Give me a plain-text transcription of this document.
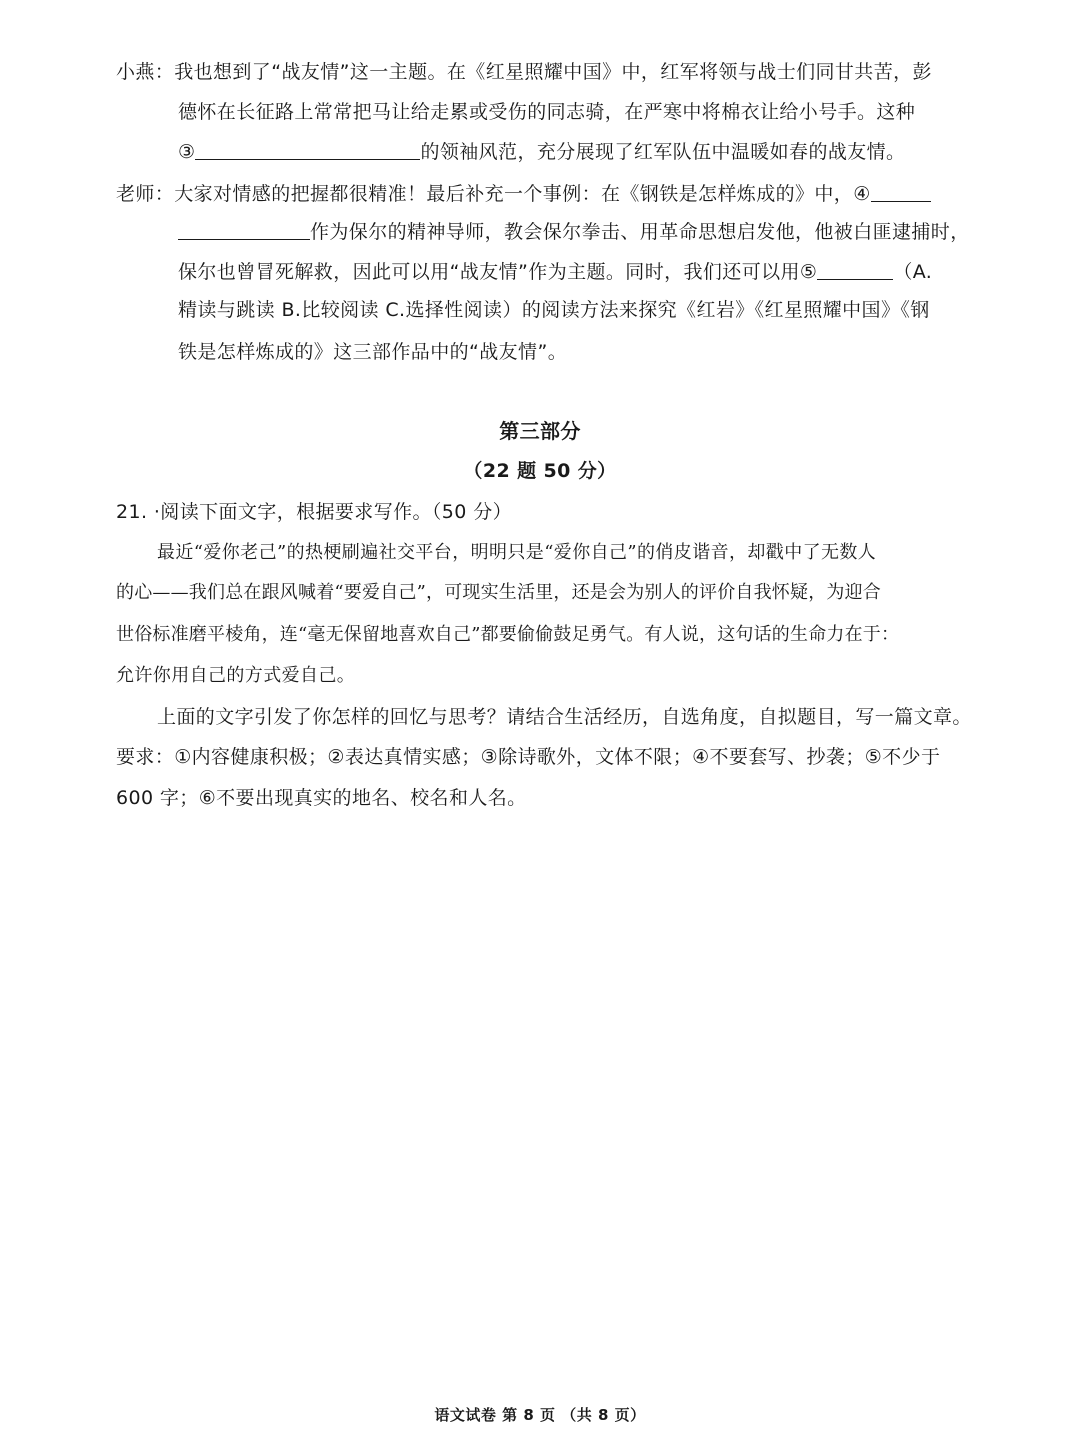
小燕：我也想到了“战友情”这一主题。在《红星照耀中国》中，红军将领与战士们同甘共苦，彭
德怀在长征路上常常把马让给走累或受伤的同志骑，在严寒中将棉衣让给小号手。这种
③	的领袖风范，充分展现了红军队伍中温暖如春的战友情。
老师：大家对情感的把握都很精准！最后补充一个事例：在《钢铁是怎样炼成的》中，④
作为保尔的精神导师，教会保尔拳击、用革命思想启发他，他被白匪逮捕时，
保尔也曾冒死解救，因此可以用“战友情”作为主题。同时，我们还可以用⑤	（A.
精读与跳读 B.比较阅读 C.选择性阅读）的阅读方法来探究《红岩》《红星照耀中国》《钢
铁是怎样炼成的》这三部作品中的“战友情”。
第三部分
（22 题 50 分）
21. ·阅读下面文字，根据要求写作。（50 分）
最近“爱你老己”的热梗刷遍社交平台，明明只是“爱你自己”的俏皮谐音，却戳中了无数人
的心——我们总在跟风喊着“要爱自己”，可现实生活里，还是会为别人的评价自我怀疑，为迎合
世俗标准磨平棱角，连“毫无保留地喜欢自己”都要偷偷鼓足勇气。有人说，这句话的生命力在于：
允许你用自己的方式爱自己。
上面的文字引发了你怎样的回忆与思考？请结合生活经历，自选角度，自拟题目，写一篇文章。
要求：①内容健康积极；②表达真情实感；③除诗歌外，文体不限；④不要套写、抄袭；⑤不少于
600 字；⑥不要出现真实的地名、校名和人名。
语文试卷 第 8 页 （共 8 页）
